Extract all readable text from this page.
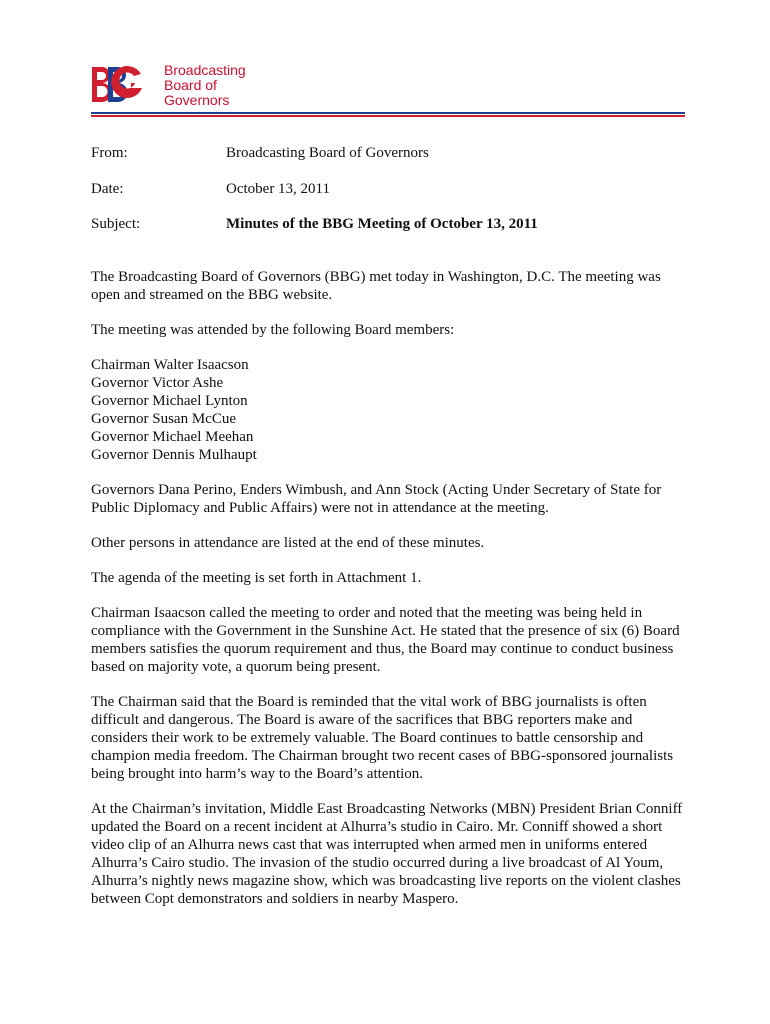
Broadcasting
Board of
Governors
From:	Broadcasting Board of Governors
Date:	October 13, 2011
Subject:	Minutes of the BBG Meeting of October 13, 2011

The Broadcasting Board of Governors (BBG) met today in Washington, D.C. The meeting was open and streamed on the BBG website.

The meeting was attended by the following Board members:

Chairman Walter Isaacson
Governor Victor Ashe
Governor Michael Lynton
Governor Susan McCue
Governor Michael Meehan
Governor Dennis Mulhaupt

Governors Dana Perino, Enders Wimbush, and Ann Stock (Acting Under Secretary of State for Public Diplomacy and Public Affairs) were not in attendance at the meeting.

Other persons in attendance are listed at the end of these minutes.

The agenda of the meeting is set forth in Attachment 1.

Chairman Isaacson called the meeting to order and noted that the meeting was being held in compliance with the Government in the Sunshine Act. He stated that the presence of six (6) Board members satisfies the quorum requirement and thus, the Board may continue to conduct business based on majority vote, a quorum being present.

The Chairman said that the Board is reminded that the vital work of BBG journalists is often difficult and dangerous. The Board is aware of the sacrifices that BBG reporters make and considers their work to be extremely valuable. The Board continues to battle censorship and champion media freedom. The Chairman brought two recent cases of BBG-sponsored journalists being brought into harm’s way to the Board’s attention.

At the Chairman’s invitation, Middle East Broadcasting Networks (MBN) President Brian Conniff updated the Board on a recent incident at Alhurra’s studio in Cairo. Mr. Conniff showed a short video clip of an Alhurra news cast that was interrupted when armed men in uniforms entered Alhurra’s Cairo studio. The invasion of the studio occurred during a live broadcast of Al Youm, Alhurra’s nightly news magazine show, which was broadcasting live reports on the violent clashes between Copt demonstrators and soldiers in nearby Maspero.
